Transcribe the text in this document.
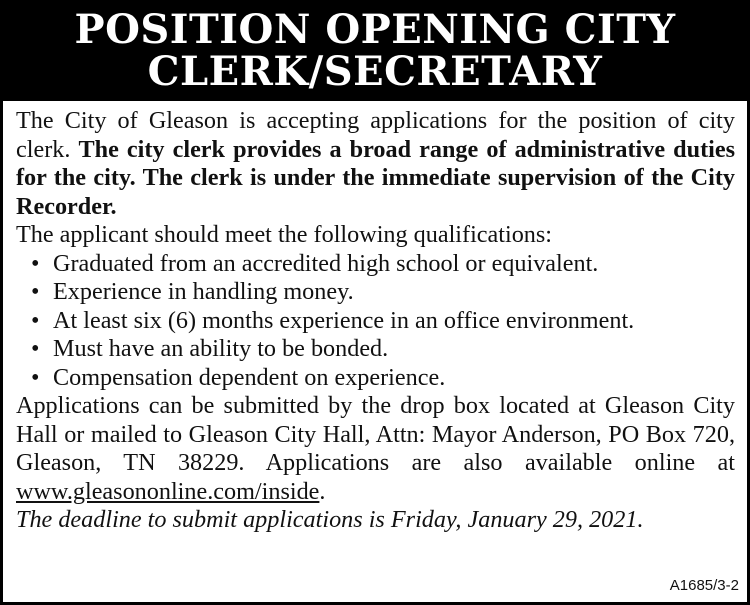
POSITION OPENING CITY
CLERK/SECRETARY

The City of Gleason is accepting applications for the position of city clerk. The city clerk provides a broad range of administrative duties for the city. The clerk is under the immediate supervision of the City Recorder.

The applicant should meet the following qualifications:

• Graduated from an accredited high school or equivalent.
• Experience in handling money.
• At least six (6) months experience in an office environment.
• Must have an ability to be bonded.
• Compensation dependent on experience.

Applications can be submitted by the drop box located at Gleason City Hall or mailed to Gleason City Hall, Attn: Mayor Anderson, PO Box 720, Gleason, TN 38229. Applications are also available online at www.gleasononline.com/inside.

The deadline to submit applications is Friday, January 29, 2021.

A1685/3-2
